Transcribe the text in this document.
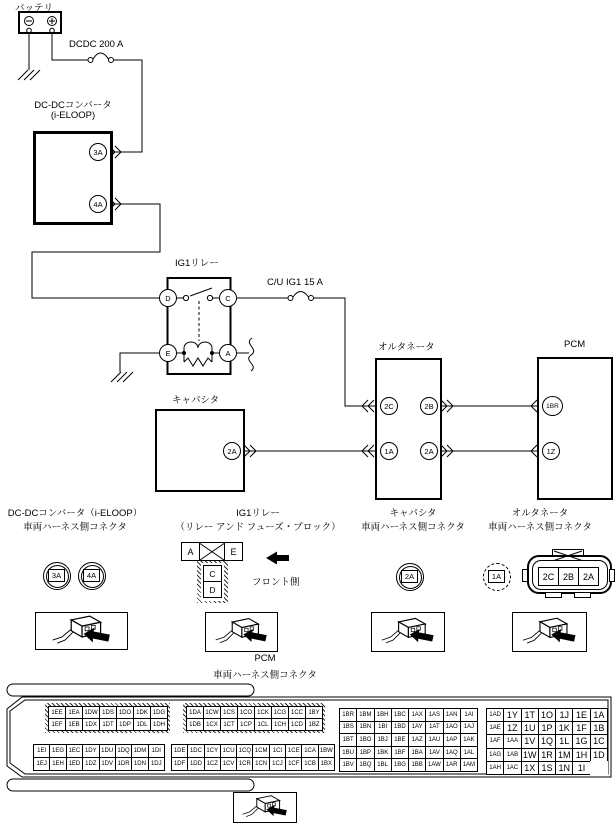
バッテリ
DCDC 200 A
DC-DCコンバータ
(i-ELOOP)
3A
4A
IG1リレー
D	C
E	A
C/U IG1 15 A
キャパシタ
2A
オルタネータ
2C	2B
1A	2A
PCM
1BR
1Z
DC-DCコンバータ（i-ELOOP）
車両ハーネス側コネクタ
3A	4A
IG1リレー
（リレー アンド フューズ・ブロック）
A	E
C
D
フロント側
キャパシタ
車両ハーネス側コネクタ
2A
オルタネータ
車両ハーネス側コネクタ
1A	2C 2B 2A
PCM
車両ハーネス側コネクタ
1EE 1EA 1DW 1DS 1DO 1DK 1DG
1EF 1EB 1DX 1DT 1DP 1DL 1DH
1DA 1CW 1CS 1CO 1CK 1CG 1CC 1BY
1DB 1CX 1CT 1CP 1CL 1CH 1CD 1BZ
1EI 1EG 1EC 1DY 1DU 1DQ 1DM 1DI
1EJ 1EH 1ED 1DZ 1DV 1DR 1DN 1DJ
1DE 1DC 1CY 1CU 1CQ 1CM 1CI 1CE 1CA 1BW
1DF 1DD 1CZ 1CV 1CR 1CN 1CJ 1CF 1CB 1BX
1BR 1BM 1BH 1BC 1AX 1AS 1AN	1AI
1BS 1BN	1BI	1BD 1AY	1AT 1AO	1AJ
1BT 1BO	1BJ	1BE	1AZ 1AU 1AP 1AK
1BU 1BP 1BK	1BF	1BA	1AV 1AQ 1AL
1BV 1BQ 1BL 1BG 1BB 1AW 1AR 1AM
1AD 1Y 1T 1O 1J 1E 1A
1AE 1Z 1U 1P 1K 1F 1B
1AF	1AA 1V 1Q 1L 1G 1C
1AG 1AB 1W 1R 1M 1H 1D
1AH 1AC 1X 1S 1N 1I
